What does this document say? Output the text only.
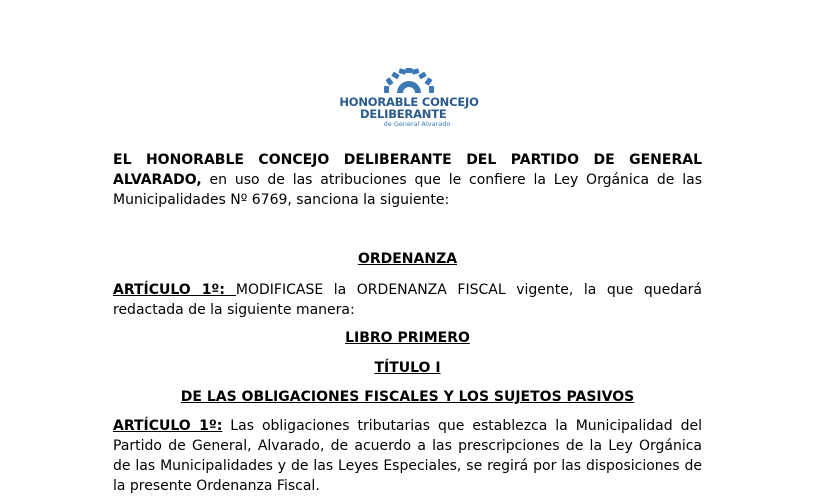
HONORABLE CONCEJO
DELIBERANTE
de General Alvarado
EL HONORABLE CONCEJO DELIBERANTE DEL PARTIDO DE GENERAL ALVARADO, en uso de las atribuciones que le confiere la Ley Orgánica de las Municipalidades Nº 6769, sanciona la siguiente:
ORDENANZA
ARTÍCULO 1º: MODIFICASE la ORDENANZA FISCAL vigente, la que quedará redactada de la siguiente manera:
LIBRO PRIMERO
TÍTULO I
DE LAS OBLIGACIONES FISCALES Y LOS SUJETOS PASIVOS
ARTÍCULO 1º: Las obligaciones tributarias que establezca la Municipalidad del Partido de General, Alvarado, de acuerdo a las prescripciones de la Ley Orgánica de las Municipalidades y de las Leyes Especiales, se regirá por las disposiciones de la presente Ordenanza Fiscal.
